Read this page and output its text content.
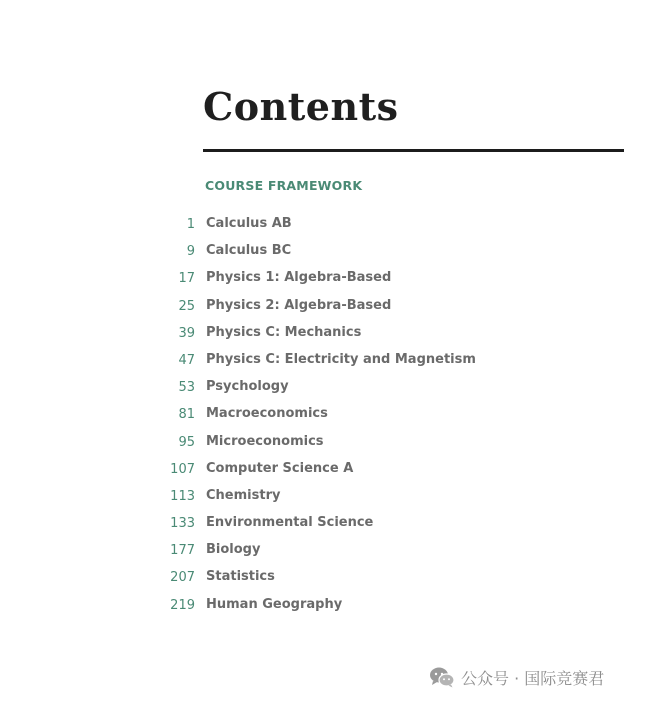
Contents
COURSE FRAMEWORK
1 Calculus AB
9 Calculus BC
17 Physics 1: Algebra-Based
25 Physics 2: Algebra-Based
39 Physics C: Mechanics
47 Physics C: Electricity and Magnetism
53 Psychology
81 Macroeconomics
95 Microeconomics
107 Computer Science A
113 Chemistry
133 Environmental Science
177 Biology
207 Statistics
219 Human Geography
公众号 · 国际竞赛君
